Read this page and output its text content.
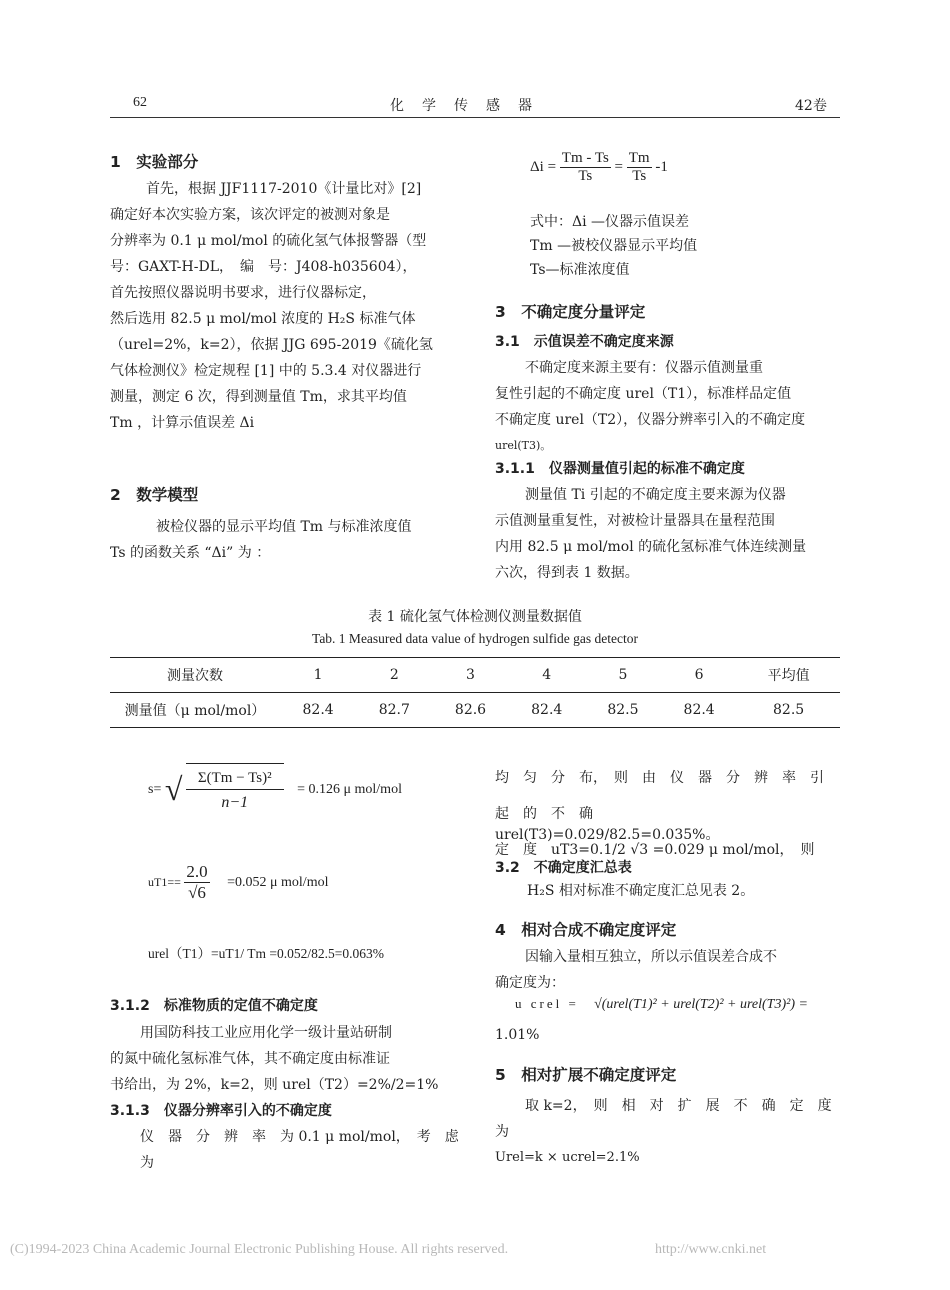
62	化　学　传　感　器	42卷
1　实验部分
首先，根据 JJF1117-2010《计量比对》[2]
确定好本次实验方案，该次评定的被测对象是
分辨率为 0.1 μ mol/mol 的硫化氢气体报警器（型
号：GAXT-H-DL，　编　号：J408-h035604），
首先按照仪器说明书要求，进行仪器标定，
然后选用 82.5 μ mol/mol 浓度的 H₂S 标准气体
（urel=2%，k=2），依据 JJG 695-2019《硫化氢
气体检测仪》检定规程 [1] 中的 5.3.4 对仪器进行
测量，测定 6 次，得到测量值 Tm，求其平均值
Tm ，计算示值误差 Δi
2　数学模型
被检仪器的显示平均值 Tm 与标准浓度值
Ts 的函数关系 “Δi” 为 ：
$\Delta i = \frac{Tm - Ts}{Ts} = \frac{Tm}{Ts} -1$
式中：Δi —仪器示值误差
Tm —被校仪器显示平均值
Ts—标准浓度值
3　不确定度分量评定
3.1　示值误差不确定度来源
不确定度来源主要有：仪器示值测量重
复性引起的不确定度 urel（T1），标准样品定值
不确定度 urel（T2），仪器分辨率引入的不确定度
urel(T3)。
3.1.1　仪器测量值引起的标准不确定度
测量值 Ti 引起的不确定度主要来源为仪器
示值测量重复性，对被检计量器具在量程范围
内用 82.5 μ mol/mol 的硫化氢标准气体连续测量
六次，得到表 1 数据。
表 1 硫化氢气体检测仪测量数据值
Tab. 1 Measured data value of hydrogen sulfide gas detector
测量次数	1	2	3	4	5	6	平均值
测量值（μ mol/mol）	82.4	82.7	82.6	82.4	82.5	82.4	82.5
s= √ $\frac{\text{Σ(Tm − Ts)²}}{n-1} = 0.126$ μ mol/mol
$uT1== \frac{2.0}{√6} =0.052$ μ mol/mol
urel（T1）=uT1/ Tm =0.052/82.5=0.063%
3.1.2　标准物质的定值不确定度
用国防科技工业应用化学一级计量站研制
的氮中硫化氢标准气体，其不确定度由标准证
书给出，为 2%，k=2，则 urel（T2）=2%/2=1%
3.1.3　仪器分辨率引入的不确定度
仪　器　分　辨　率　为 0.1 μ mol/mol，　考　虑　为
均　匀　分　布，　则　由　仪　器　分　辨　率　引　起　的　不　确
定　度　uT3=0.1/2 √3 =0.029 μ mol/mol，　则
urel(T3)=0.029/82.5=0.035%。
3.2　不确定度汇总表
H₂S 相对标准不确定度汇总见表 2。
4　相对合成不确定度评定
因输入量相互独立，所以示值误差合成不
确定度为：
u crel = √(urel(T1)² + urel(T2)² + urel(T3)²) =
1.01%
5　相对扩展不确定度评定
取 k=2，　则　相　对　扩　展　不　确　定　度　为
Urel=k × ucrel=2.1%
(C)1994-2023 China Academic Journal Electronic Publishing House. All rights reserved.	http://www.cnki.net
